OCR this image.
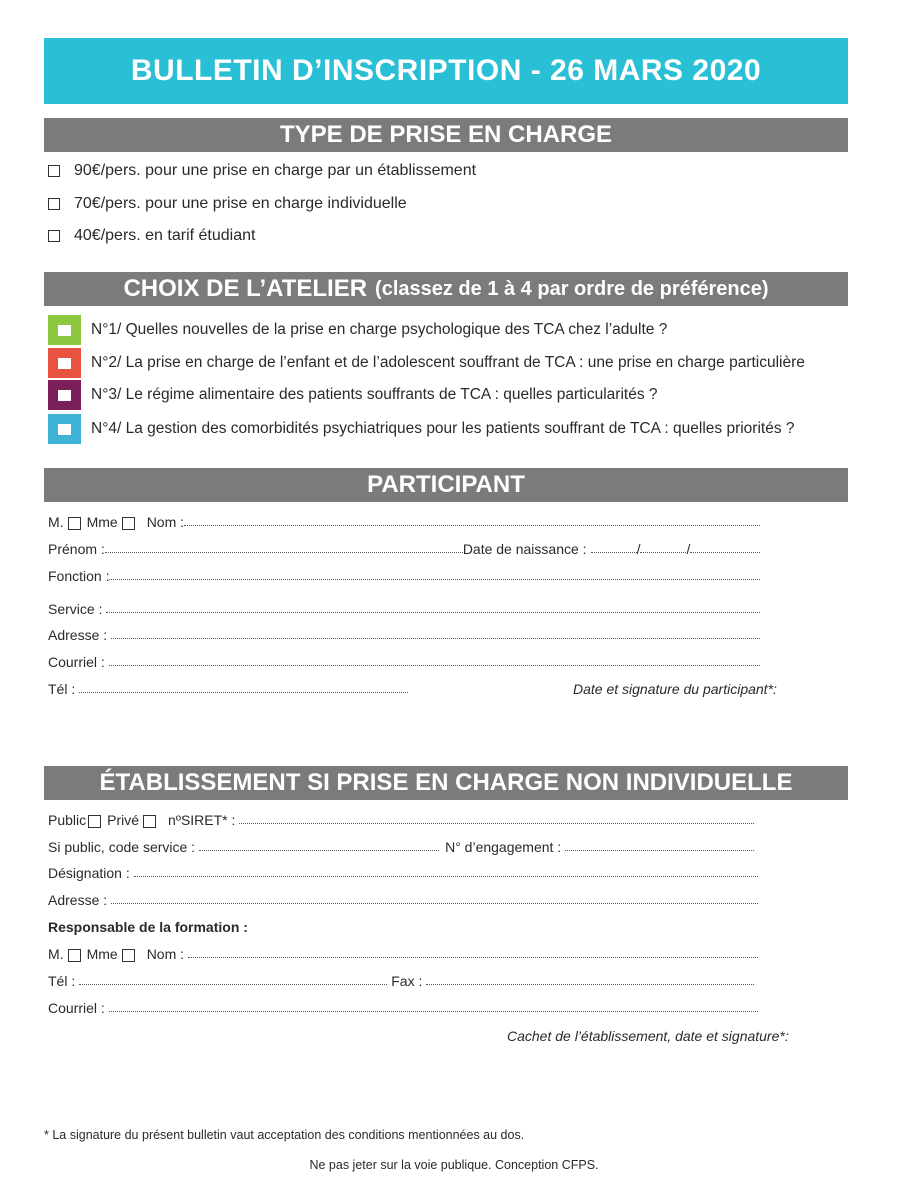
BULLETIN D’INSCRIPTION - 26 MARS 2020
TYPE DE PRISE EN CHARGE
90€/pers. pour une prise en charge par un établissement
70€/pers. pour une prise en charge individuelle
40€/pers. en tarif étudiant
CHOIX DE L’ATELIER (classez de 1 à 4 par ordre de préférence)
N°1/ Quelles nouvelles de la prise en charge psychologique des TCA chez l’adulte ?
N°2/ La prise en charge de l’enfant et de l’adolescent souffrant de TCA : une prise en charge particulière
N°3/ Le régime alimentaire des patients souffrants de TCA : quelles particularités ?
N°4/ La gestion des comorbidités psychiatriques pour les patients souffrant de TCA : quelles priorités ?
PARTICIPANT
M. Mme Nom :
Prénom :	Date de naissance :	/	/
Fonction :
Service :
Adresse :
Courriel :
Tél :	Date et signature du participant*:
ÉTABLISSEMENT SI PRISE EN CHARGE NON INDIVIDUELLE
Public Privé nºSIRET* :
Si public, code service :	N° d’engagement :
Désignation :
Adresse :
Responsable de la formation :
M. Mme Nom :
Tél :	Fax :
Courriel :
Cachet de l’établissement, date et signature*:
* La signature du présent bulletin vaut acceptation des conditions mentionnées au dos.
Ne pas jeter sur la voie publique. Conception CFPS.
